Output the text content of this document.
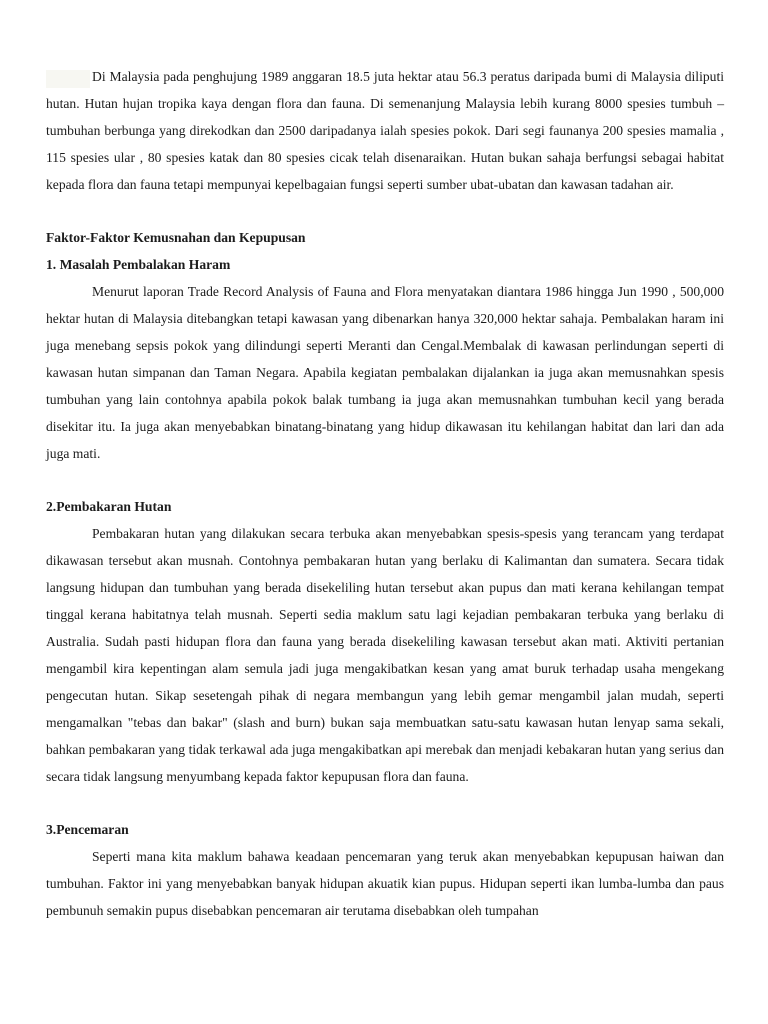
Di Malaysia pada penghujung 1989 anggaran 18.5 juta hektar atau 56.3 peratus daripada bumi di Malaysia diliputi hutan. Hutan hujan tropika kaya dengan flora dan fauna. Di semenanjung Malaysia lebih kurang 8000 spesies tumbuh – tumbuhan berbunga yang direkodkan dan 2500 daripadanya ialah spesies pokok. Dari segi faunanya 200 spesies mamalia , 115 spesies ular , 80 spesies katak dan 80 spesies cicak telah disenaraikan. Hutan bukan sahaja berfungsi sebagai habitat kepada flora dan fauna tetapi mempunyai kepelbagaian fungsi seperti sumber ubat-ubatan dan kawasan tadahan air.

Faktor-Faktor Kemusnahan dan Kepupusan

1. Masalah Pembalakan Haram

Menurut laporan Trade Record Analysis of Fauna and Flora menyatakan diantara 1986 hingga Jun 1990 , 500,000 hektar hutan di Malaysia ditebangkan tetapi kawasan yang dibenarkan hanya 320,000 hektar sahaja. Pembalakan haram ini juga menebang sepsis pokok yang dilindungi seperti Meranti dan Cengal.Membalak di kawasan perlindungan seperti di kawasan hutan simpanan dan Taman Negara. Apabila kegiatan pembalakan dijalankan ia juga akan memusnahkan spesis tumbuhan yang lain contohnya apabila pokok balak tumbang ia juga akan memusnahkan tumbuhan kecil yang berada disekitar itu. Ia juga akan menyebabkan binatang-binatang yang hidup dikawasan itu kehilangan habitat dan lari dan ada juga mati.

2.Pembakaran Hutan

Pembakaran hutan yang dilakukan secara terbuka akan menyebabkan spesis-spesis yang terancam yang terdapat dikawasan tersebut akan musnah. Contohnya pembakaran hutan yang berlaku di Kalimantan dan sumatera. Secara tidak langsung hidupan dan tumbuhan yang berada disekeliling hutan tersebut akan pupus dan mati kerana kehilangan tempat tinggal kerana habitatnya telah musnah. Seperti sedia maklum satu lagi kejadian pembakaran terbuka yang berlaku di Australia. Sudah pasti hidupan flora dan fauna yang berada disekeliling kawasan tersebut akan mati. Aktiviti pertanian mengambil kira kepentingan alam semula jadi juga mengakibatkan kesan yang amat buruk terhadap usaha mengekang pengecutan hutan. Sikap sesetengah pihak di negara membangun yang lebih gemar mengambil jalan mudah, seperti mengamalkan "tebas dan bakar" (slash and burn) bukan saja membuatkan satu-satu kawasan hutan lenyap sama sekali, bahkan pembakaran yang tidak terkawal ada juga mengakibatkan api merebak dan menjadi kebakaran hutan yang serius dan secara tidak langsung menyumbang kepada faktor kepupusan flora dan fauna.

3.Pencemaran

Seperti mana kita maklum bahawa keadaan pencemaran yang teruk akan menyebabkan kepupusan haiwan dan tumbuhan. Faktor ini yang menyebabkan banyak hidupan akuatik kian pupus. Hidupan seperti ikan lumba-lumba dan paus pembunuh semakin pupus disebabkan pencemaran air terutama disebabkan oleh tumpahan
